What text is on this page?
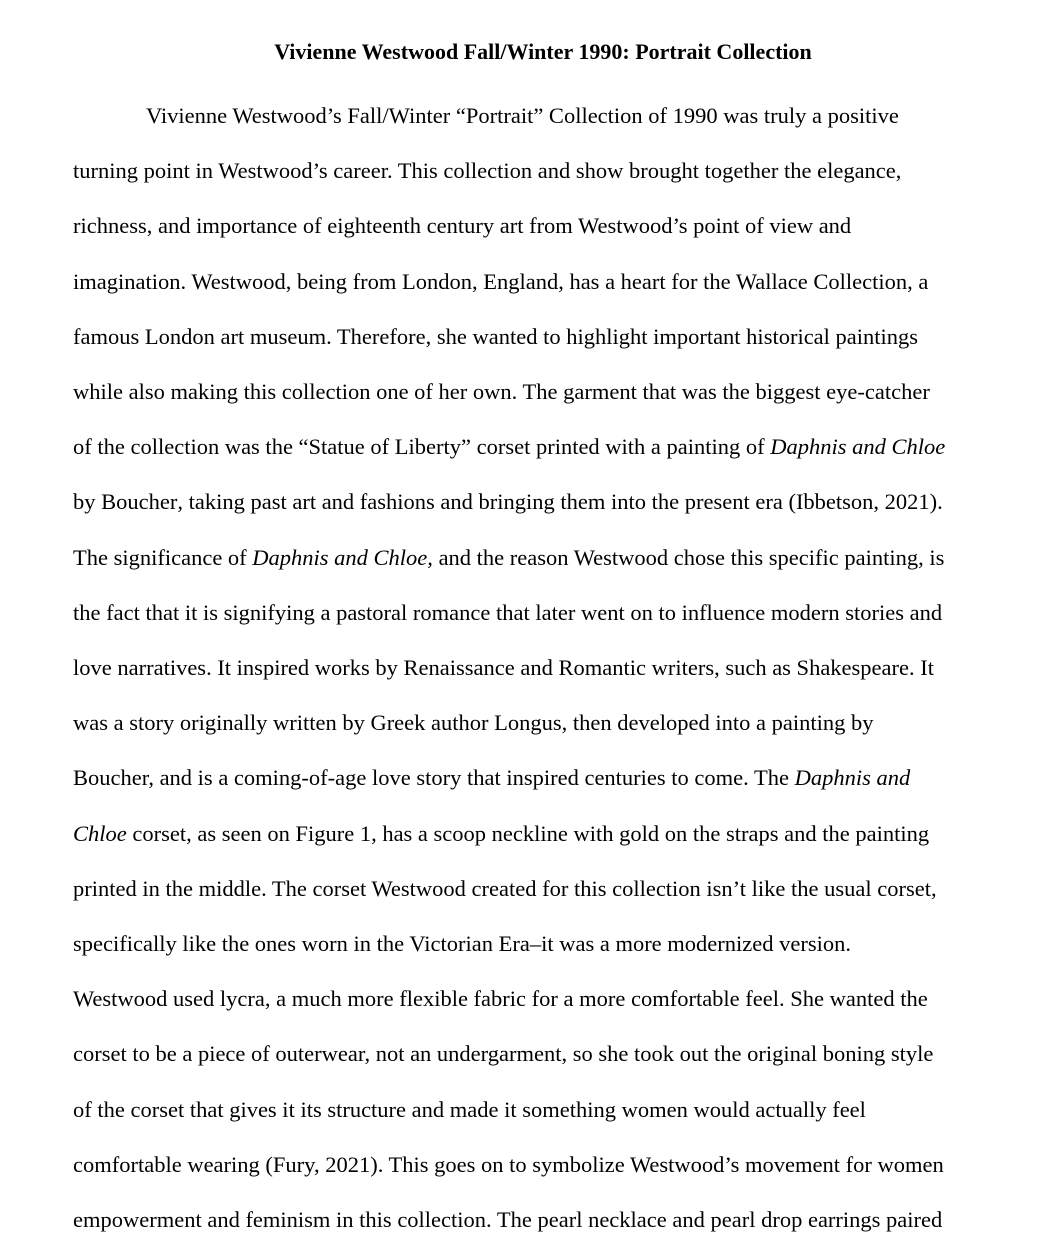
Vivienne Westwood Fall/Winter 1990: Portrait Collection

Vivienne Westwood’s Fall/Winter “Portrait” Collection of 1990 was truly a positive

turning point in Westwood’s career. This collection and show brought together the elegance,

richness, and importance of eighteenth century art from Westwood’s point of view and

imagination. Westwood, being from London, England, has a heart for the Wallace Collection, a

famous London art museum. Therefore, she wanted to highlight important historical paintings

while also making this collection one of her own. The garment that was the biggest eye-catcher

of the collection was the “Statue of Liberty” corset printed with a painting of Daphnis and Chloe

by Boucher, taking past art and fashions and bringing them into the present era (Ibbetson, 2021).

The significance of Daphnis and Chloe, and the reason Westwood chose this specific painting, is

the fact that it is signifying a pastoral romance that later went on to influence modern stories and

love narratives. It inspired works by Renaissance and Romantic writers, such as Shakespeare. It

was a story originally written by Greek author Longus, then developed into a painting by

Boucher, and is a coming-of-age love story that inspired centuries to come. The Daphnis and

Chloe corset, as seen on Figure 1, has a scoop neckline with gold on the straps and the painting

printed in the middle. The corset Westwood created for this collection isn’t like the usual corset,

specifically like the ones worn in the Victorian Era–it was a more modernized version.

Westwood used lycra, a much more flexible fabric for a more comfortable feel. She wanted the

corset to be a piece of outerwear, not an undergarment, so she took out the original boning style

of the corset that gives it its structure and made it something women would actually feel

comfortable wearing (Fury, 2021). This goes on to symbolize Westwood’s movement for women

empowerment and feminism in this collection. The pearl necklace and pearl drop earrings paired
